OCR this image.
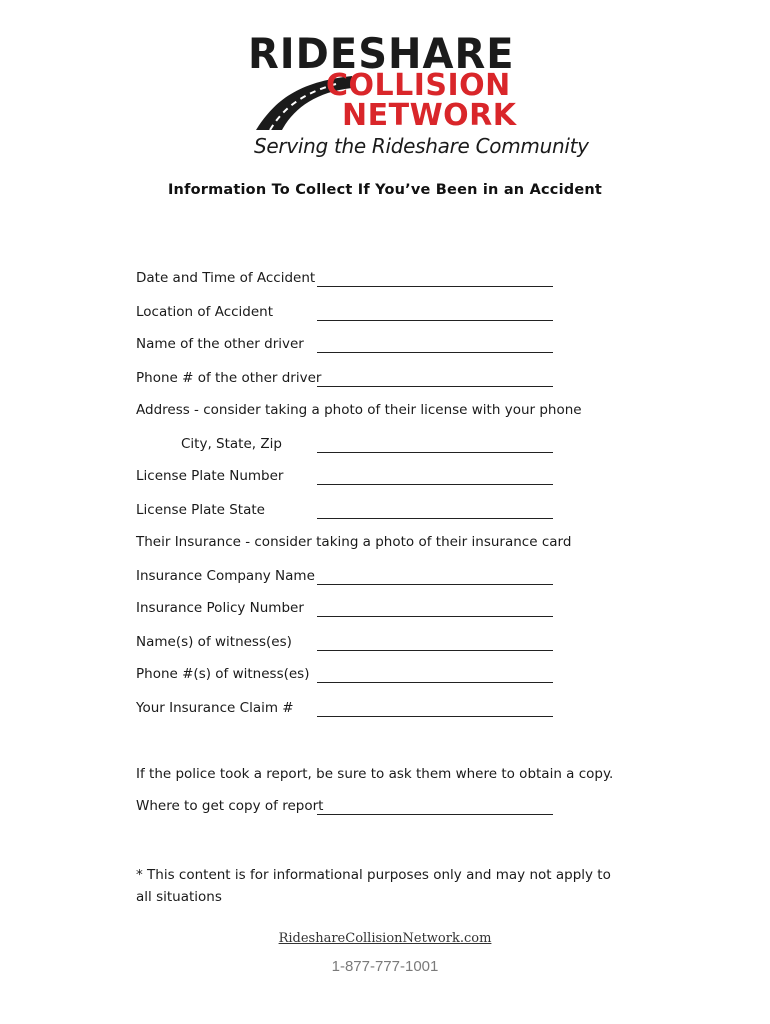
RIDESHARE
COLLISION
NETWORK
Serving the Rideshare Community
Information To Collect If You’ve Been in an Accident
Date and Time of Accident
Location of Accident
Name of the other driver
Phone # of the other driver
Address - consider taking a photo of their license with your phone
City, State, Zip
License Plate Number
License Plate State
Their Insurance - consider taking a photo of their insurance card
Insurance Company Name
Insurance Policy Number
Name(s) of witness(es)
Phone #(s) of witness(es)
Your Insurance Claim #
If the police took a report, be sure to ask them where to obtain a copy.
Where to get copy of report
* This content is for informational purposes only and may not apply to all situations
RideshareCollisionNetwork.com
1-877-777-1001
